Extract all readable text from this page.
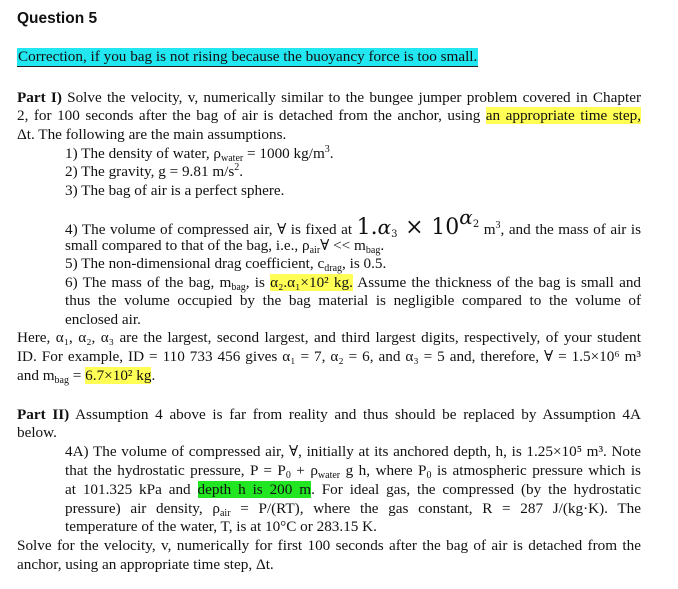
Question 5
Correction, if you bag is not rising because the buoyancy force is too small.
Part I) Solve the velocity, v, numerically similar to the bungee jumper problem covered in Chapter
2, for 100 seconds after the bag of air is detached from the anchor, using an appropriate time step,
Δt. The following are the main assumptions.
1) The density of water, $\rho_{water} = 1000$ $kg/m^3$.
2) The gravity, g = 9.81 $m/s^2$.
3) The bag of air is a perfect sphere.
4) The volume of compressed air, ∀ is fixed at $1.\alpha_3 \times 10^{\alpha_2}$ $m^3$, and the mass of air is
small compared to that of the bag, i.e., $\rho_{air}\forall << m_{bag}$.
5) The non-dimensional drag coefficient, $c_{drag}$, is 0.5.
6) The mass of the bag, $m_{bag}$, is α₂.α₁×10² kg. Assume the thickness of the bag is small and
thus the volume occupied by the bag material is negligible compared to the volume of
enclosed air.
Here, α₁, α₂, α₃ are the largest, second largest, and third largest digits, respectively, of your student
ID. For example, ID = 110 733 456 gives α₁ = 7, α₂ = 6, and α₃ = 5 and, therefore, ∀ = 1.5×10⁶ m³
and $m_{bag} = 6.7\times 10^2$ kg.
Part II) Assumption 4 above is far from reality and thus should be replaced by Assumption 4A
below.
4A) The volume of compressed air, ∀, initially at its anchored depth, h, is 1.25×10⁵ m³. Note
that the hydrostatic pressure, $P = P_0 + \rho_{water}$ g h, where $P_0$ is atmospheric pressure which is
at 101.325 kPa and depth h is 200 m. For ideal gas, the compressed (by the hydrostatic
pressure) air density, $\rho_{air} = P/(RT)$, where the gas constant, R = 287 J/(kg·K). The
temperature of the water, T, is at 10°C or 283.15 K.
Solve for the velocity, v, numerically for first 100 seconds after the bag of air is detached from the
anchor, using an appropriate time step, Δt.
